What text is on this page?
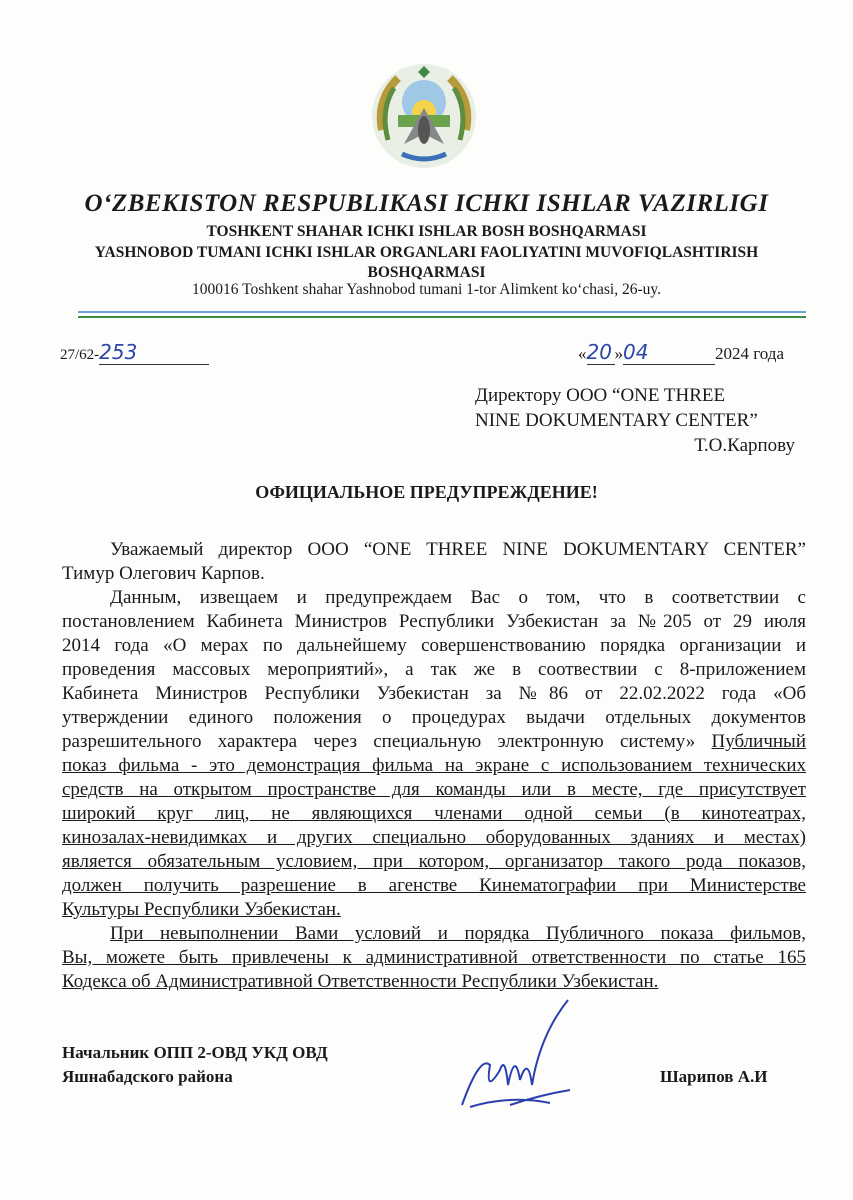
O‘ZBEKISTON RESPUBLIKASI ICHKI ISHLAR VAZIRLIGI
TOSHKENT SHAHAR ICHKI ISHLAR BOSH BOSHQARMASI
YASHNOBOD TUMANI ICHKI ISHLAR ORGANLARI FAOLIYATINI MUVOFIQLASHTIRISH
BOSHQARMASI
100016 Toshkent shahar Yashnobod tumani 1-tor Alimkent ko‘chasi, 26-uy.
27/62-253	«20 »04	2024 года
Директору ООО “ONE THREE
NINE DOKUMENTARY CENTER”
Т.О.Карпову
ОФИЦИАЛЬНОЕ ПРЕДУПРЕЖДЕНИЕ!
Уважаемый директор ООО “ONE THREE NINE DOKUMENTARY CENTER”
Тимур Олегович Карпов.
Данным, извещаем и предупреждаем Вас о том, что в соответствии с
постановлением Кабинета Министров Республики Узбекистан за №205 от 29 июля
2014 года «О мерах по дальнейшему совершенствованию порядка организации и
проведения массовых мероприятий», а так же в соотвествии с 8-приложением
Кабинета Министров Республики Узбекистан за №86 от 22.02.2022 года «Об
утверждении единого положения о процедурах выдачи отдельных документов
разрешительного характера через специальную электронную систему» Публичный
показ фильма - это демонстрация фильма на экране с использованием технических
средств на открытом пространстве для команды или в месте, где присутствует
широкий круг лиц, не являющихся членами одной семьи (в кинотеатрах,
кинозалах-невидимках и других специально оборудованных зданиях и местах)
является обязательным условием, при котором, организатор такого рода показов,
должен получить разрешение в агенстве Кинематографии при Министерстве
Культуры Республики Узбекистан.
При невыполнении Вами условий и порядка Публичного показа фильмов,
Вы, можете быть привлечены к административной ответственности по статье 165
Кодекса об Административной Ответственности Республики Узбекистан.
Начальник ОПП 2-ОВД УКД ОВД
Яшнабадского района	Шарипов А.И
